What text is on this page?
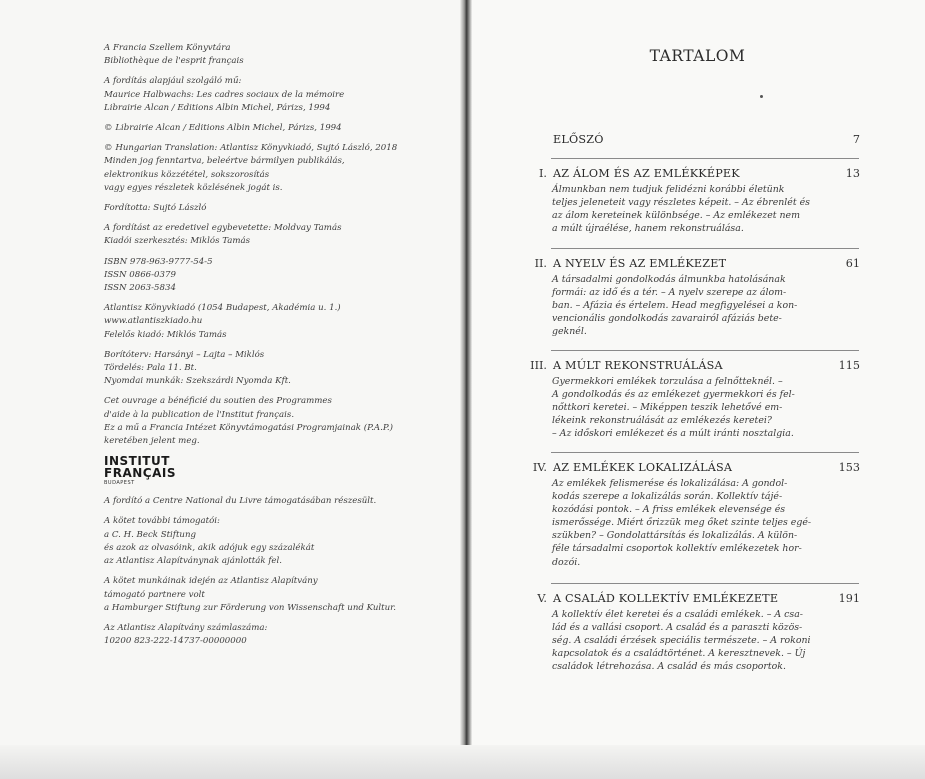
A Francia Szellem Könyvtára
Bibliothèque de l'esprit français
A fordítás alapjául szolgáló mű:
Maurice Halbwachs: Les cadres sociaux de la mémoire
Librairie Alcan / Editions Albin Michel, Párizs, 1994
© Librairie Alcan / Editions Albin Michel, Párizs, 1994
© Hungarian Translation: Atlantisz Könyvkiadó, Sujtó László, 2018
Minden jog fenntartva, beleértve bármilyen publikálás,
elektronikus közzététel, sokszorosítás
vagy egyes részletek közlésének jogát is.
Fordította: Sujtó László
A fordítást az eredetivel egybevetette: Moldvay Tamás
Kiadói szerkesztés: Miklós Tamás
ISBN 978-963-9777-54-5
ISSN 0866-0379
ISSN 2063-5834
Atlantisz Könyvkiadó (1054 Budapest, Akadémia u. 1.)
www.atlantiszkiado.hu
Felelős kiadó: Miklós Tamás
Borítóterv: Harsányi – Lajta – Miklós
Tördelés: Pala 11. Bt.
Nyomdai munkák: Szekszárdi Nyomda Kft.
Cet ouvrage a bénéficié du soutien des Programmes
d'aide à la publication de l'Institut français.
Ez a mű a Francia Intézet Könyvtámogatási Programjainak (P.A.P.)
keretében jelent meg.
INSTITUT
FRANÇAIS
BUDAPEST
A fordító a Centre National du Livre támogatásában részesült.
A kötet további támogatói:
a C. H. Beck Stiftung
és azok az olvasóink, akik adójuk egy százalékát
az Atlantisz Alapítványnak ajánlották fel.
A kötet munkáinak idején az Atlantisz Alapítvány
támogató partnere volt
a Hamburger Stiftung zur Förderung von Wissenschaft und Kultur.
Az Atlantisz Alapítvány számlaszáma:
10200 823-222-14737-00000000
TARTALOM
ELŐSZÓ	7
I. AZ ÁLOM ÉS AZ EMLÉKKÉPEK	13
Álmunkban nem tudjuk felidézni korábbi életünk
teljes jeleneteit vagy részletes képeit. – Az ébrenlét és
az álom kereteinek különbsége. – Az emlékezet nem
a múlt újraélése, hanem rekonstruálása.
II. A NYELV ÉS AZ EMLÉKEZET	61
A társadalmi gondolkodás álmunkba hatolásának
formái: az idő és a tér. – A nyelv szerepe az álom-
ban. – Afázia és értelem. Head megfigyelései a kon-
vencionális gondolkodás zavarairól afáziás bete-
geknél.
III. A MÚLT REKONSTRUÁLÁSA	115
Gyermekkori emlékek torzulása a felnőtteknél. –
A gondolkodás és az emlékezet gyermekkori és fel-
nőttkori keretei. – Miképpen teszik lehetővé em-
lékeink rekonstruálását az emlékezés keretei?
– Az időskori emlékezet és a múlt iránti nosztalgia.
IV. AZ EMLÉKEK LOKALIZÁLÁSA	153
Az emlékek felismerése és lokalizálása: A gondol-
kodás szerepe a lokalizálás során. Kollektív tájé-
kozódási pontok. – A friss emlékek elevensége és
ismerőssége. Miért őrizzük meg őket szinte teljes egé-
szükben? – Gondolattársítás és lokalizálás. A külön-
féle társadalmi csoportok kollektív emlékezetek hor-
dozói.
V. A CSALÁD KOLLEKTÍV EMLÉKEZETE	191
A kollektív élet keretei és a családi emlékek. – A csa-
lád és a vallási csoport. A család és a paraszti közös-
ség. A családi érzések speciális természete. – A rokoni
kapcsolatok és a családtörténet. A keresztnevek. – Új
családok létrehozása. A család és más csoportok.
